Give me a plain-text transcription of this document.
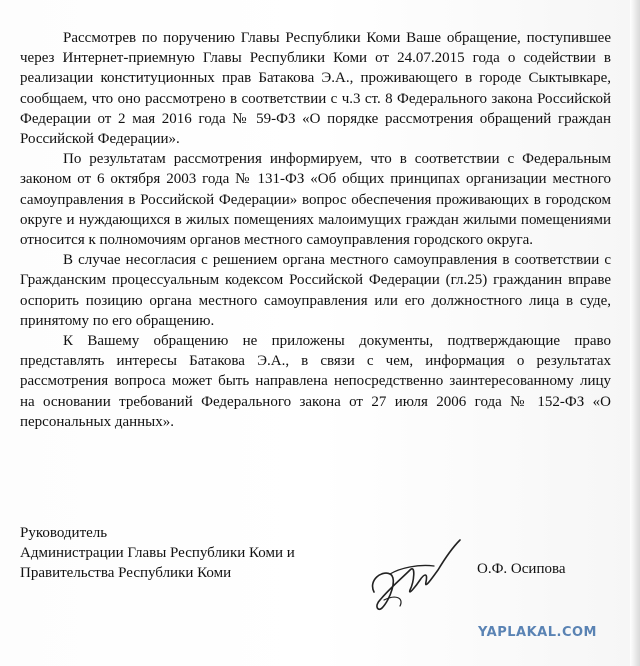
Рассмотрев по поручению Главы Республики Коми Ваше обращение, поступившее через Интернет-приемную Главы Республики Коми от 24.07.2015 года о содействии в реализации конституционных прав Батакова Э.А., проживающего в городе Сыктывкаре, сообщаем, что оно рассмотрено в соответствии с ч.3 ст. 8 Федерального закона Российской Федерации от 2 мая 2016 года № 59-ФЗ «О порядке рассмотрения обращений граждан Российской Федерации».

По результатам рассмотрения информируем, что в соответствии с Федеральным законом от 6 октября 2003 года № 131-ФЗ «Об общих принципах организации местного самоуправления в Российской Федерации» вопрос обеспечения проживающих в городском округе и нуждающихся в жилых помещениях малоимущих граждан жилыми помещениями относится к полномочиям органов местного самоуправления городского округа.

В случае несогласия с решением органа местного самоуправления в соответствии с Гражданским процессуальным кодексом Российской Федерации (гл.25) гражданин вправе оспорить позицию органа местного самоуправления или его должностного лица в суде, принятому по его обращению.

К Вашему обращению не приложены документы, подтверждающие право представлять интересы Батакова Э.А., в связи с чем, информация о результатах рассмотрения вопроса может быть направлена непосредственно заинтересованному лицу на основании требований Федерального закона от 27 июля 2006 года № 152-ФЗ «О персональных данных».

Руководитель
Администрации Главы Республики Коми и
Правительства Республики Коми	О.Ф. Осипова
YAPLAKAL.COM
